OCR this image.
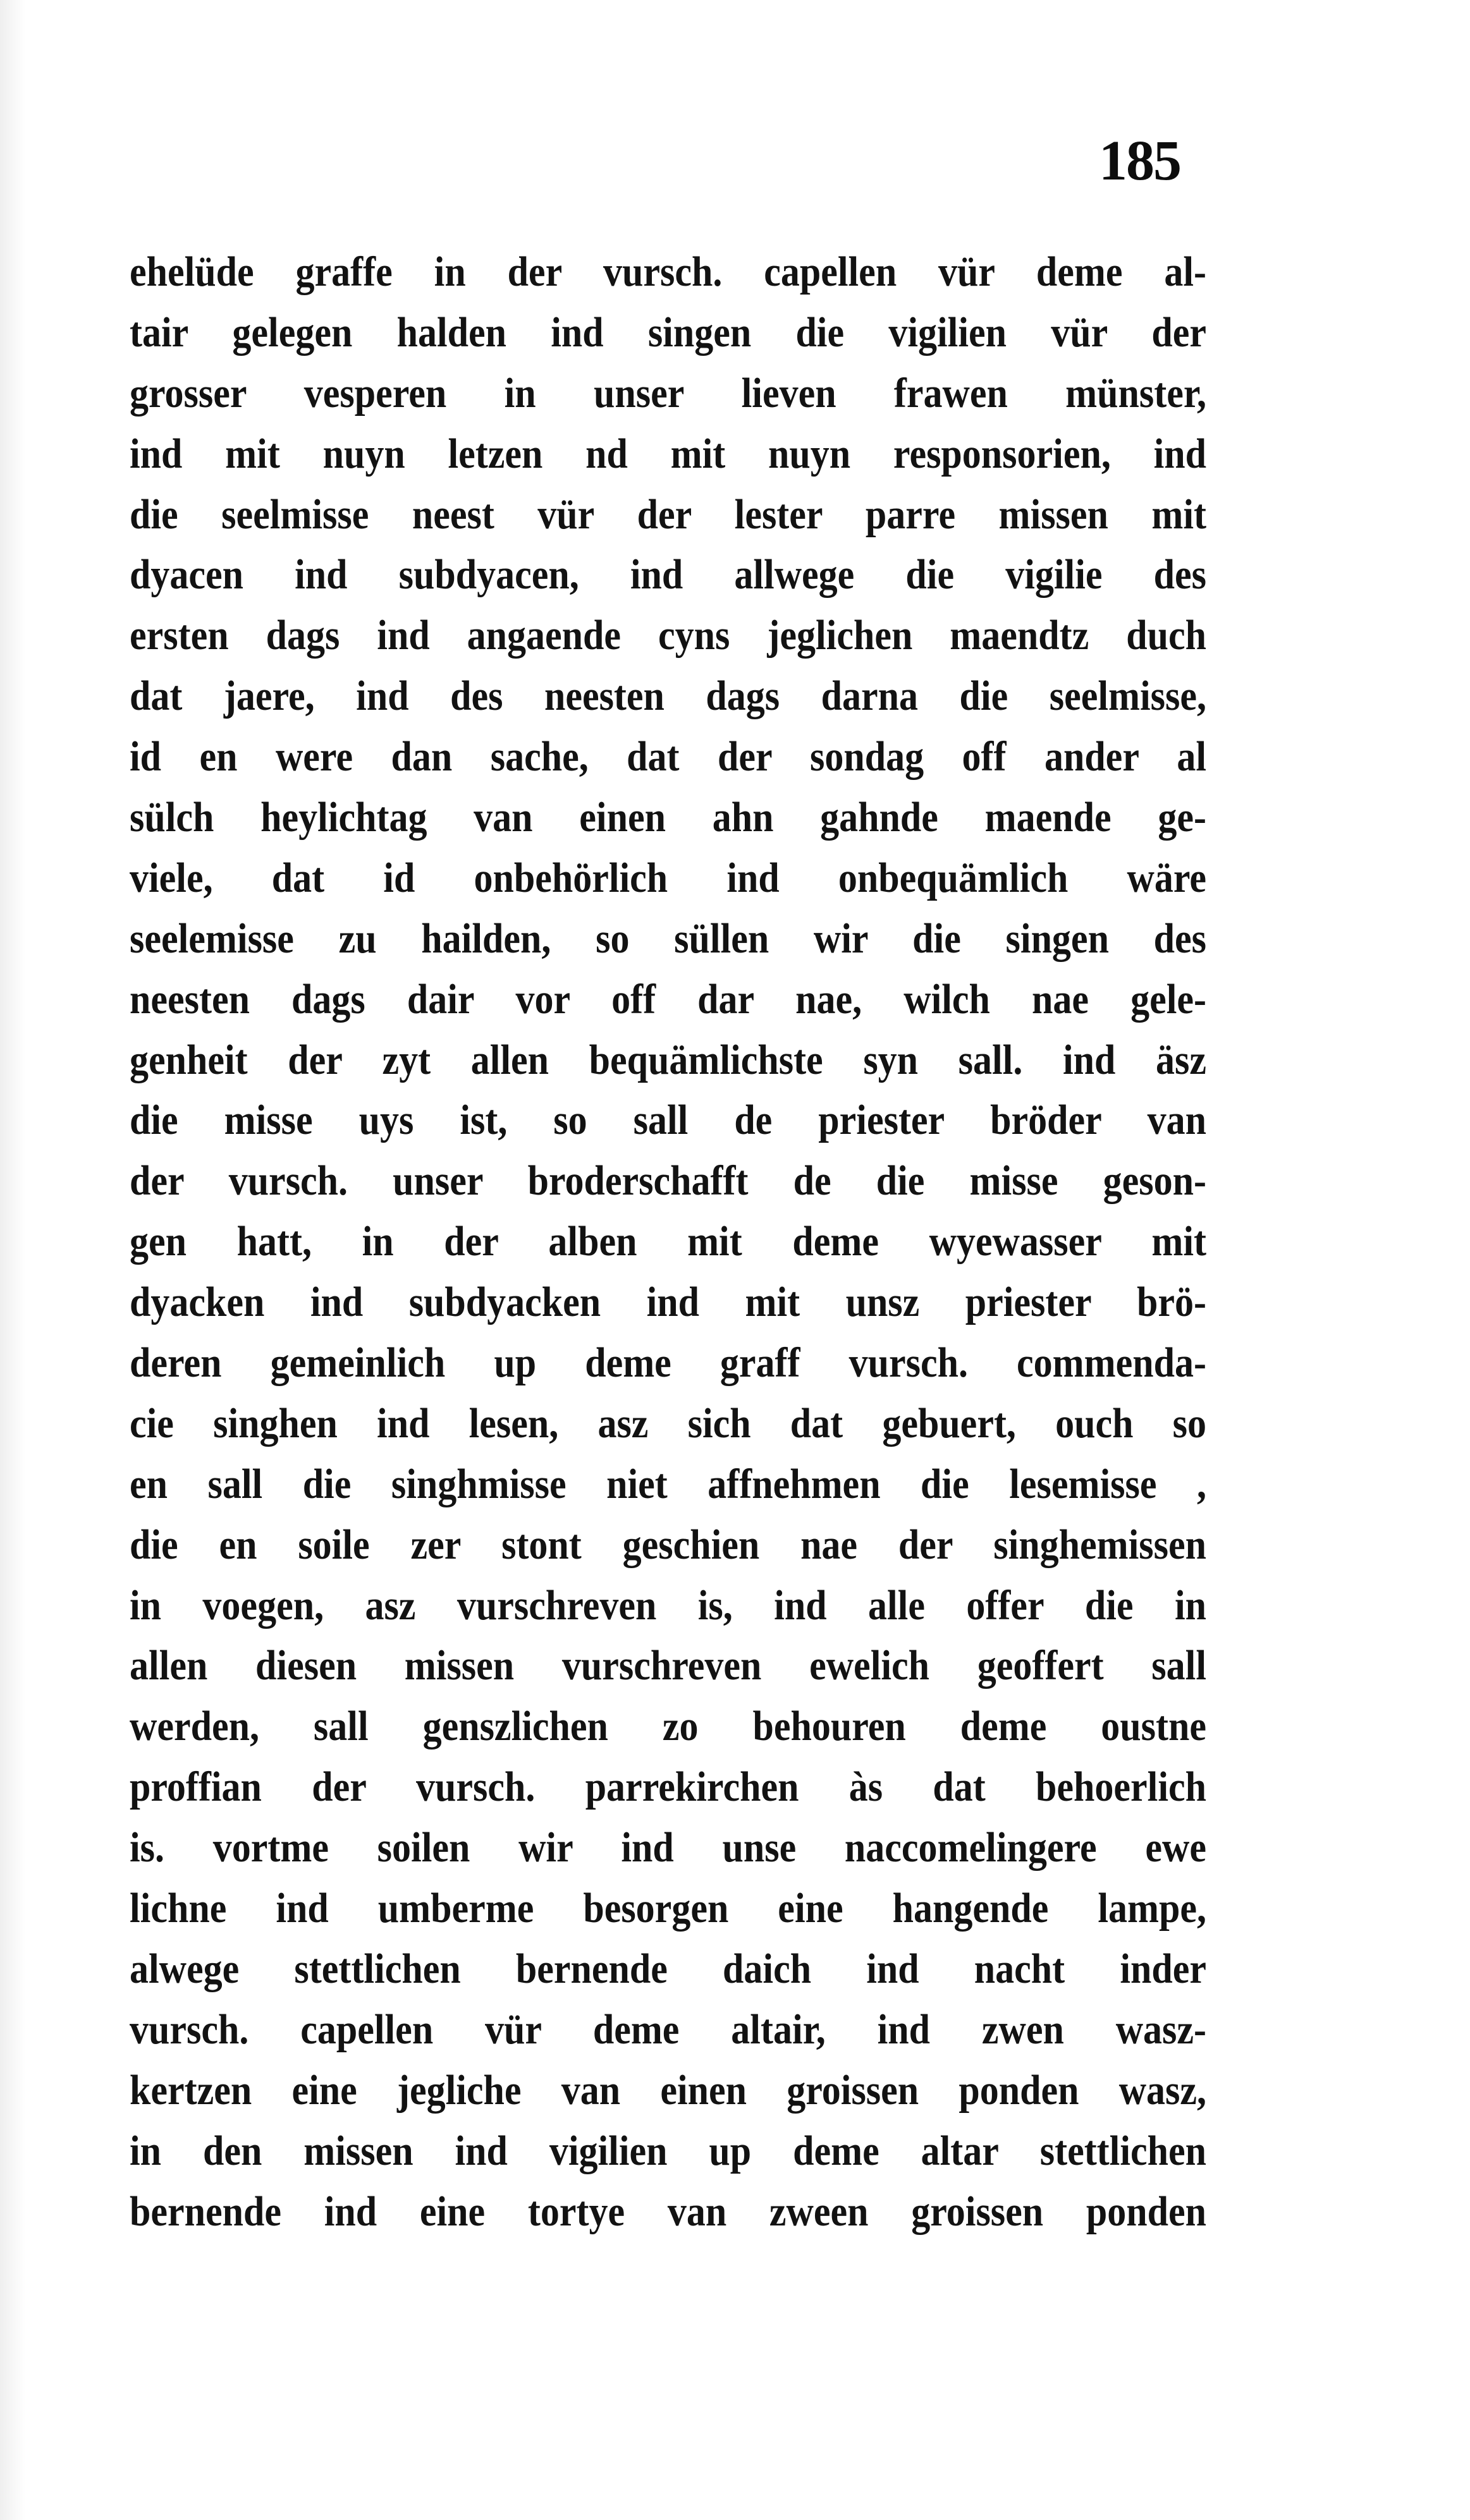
185
ehelüde graffe in der vursch. capellen vür deme al-
tair gelegen halden ind singen die vigilien vür der
grosser vesperen in unser lieven frawen münster,
ind mit nuyn letzen nd mit nuyn responsorien, ind
die seelmisse neest vür der lester parre missen mit
dyacen ind subdyacen, ind allwege die vigilie des
ersten dags ind angaende cyns jeglichen maendtz duch
dat jaere, ind des neesten dags darna die seelmisse,
id en were dan sache, dat der sondag off ander al
sülch heylichtag van einen ahn gahnde maende ge-
viele, dat id onbehörlich ind onbequämlich wäre
seelemisse zu hailden, so süllen wir die singen des
neesten dags dair vor off dar nae, wilch nae gele-
genheit der zyt allen bequämlichste syn sall. ind äsz
die misse uys ist, so sall de priester bröder van
der vursch. unser broderschafft de die misse geson-
gen hatt, in der alben mit deme wyewasser mit
dyacken ind subdyacken ind mit unsz priester brö-
deren gemeinlich up deme graff vursch. commenda-
cie singhen ind lesen, asz sich dat gebuert, ouch so
en sall die singhmisse niet affnehmen die lesemisse ,
die en soile zer stont geschien nae der singhemissen
in voegen, asz vurschreven is, ind alle offer die in
allen diesen missen vurschreven ewelich geoffert sall
werden, sall genszlichen zo behouren deme oustne
proffian der vursch. parrekirchen às dat behoerlich
is. vortme soilen wir ind unse naccomelingere ewe
lichne ind umberme besorgen eine hangende lampe,
alwege stettlichen bernende daich ind nacht inder
vursch. capellen vür deme altair, ind zwen wasz-
kertzen eine jegliche van einen groissen ponden wasz,
in den missen ind vigilien up deme altar stettlichen
bernende ind eine tortye van zween groissen ponden
